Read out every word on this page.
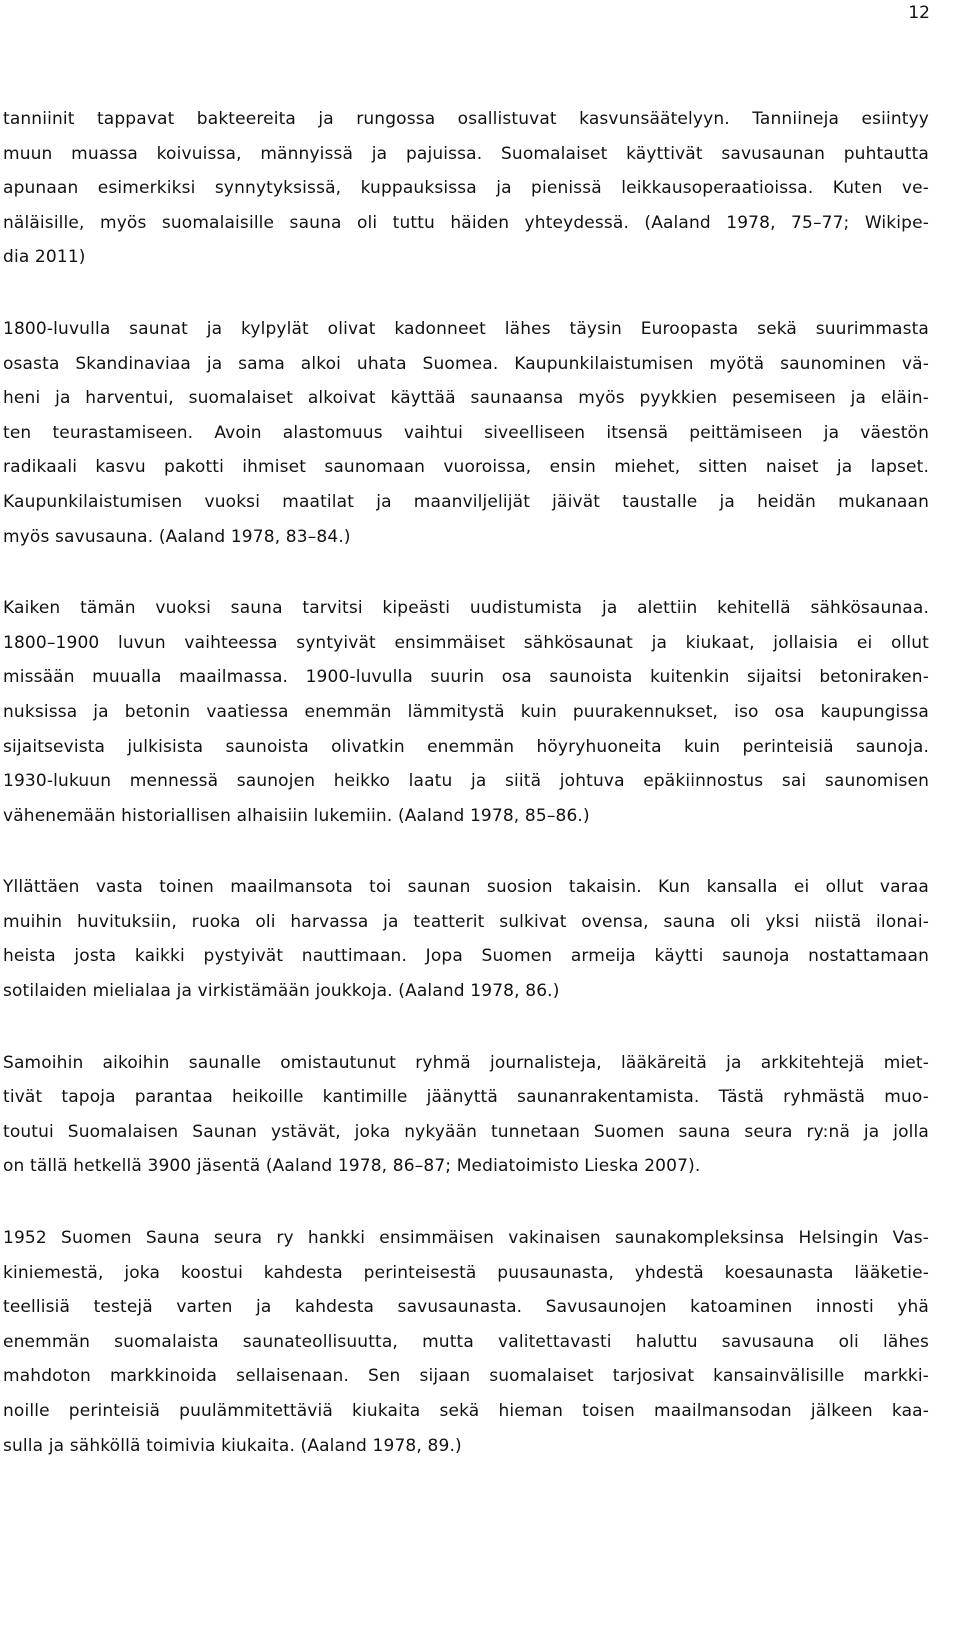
12

tanniinit tappavat bakteereita ja rungossa osallistuvat kasvunsäätelyyn. Tanniineja esiintyy
muun muassa koivuissa, männyissä ja pajuissa. Suomalaiset käyttivät savusaunan puhtautta
apunaan esimerkiksi synnytyksissä, kuppauksissa ja pienissä leikkausoperaatioissa. Kuten ve-
näläisille, myös suomalaisille sauna oli tuttu häiden yhteydessä. (Aaland 1978, 75–77; Wikipe-
dia 2011)

1800-luvulla saunat ja kylpylät olivat kadonneet lähes täysin Euroopasta sekä suurimmasta
osasta Skandinaviaa ja sama alkoi uhata Suomea. Kaupunkilaistumisen myötä saunominen vä-
heni ja harventui, suomalaiset alkoivat käyttää saunaansa myös pyykkien pesemiseen ja eläin-
ten teurastamiseen. Avoin alastomuus vaihtui siveelliseen itsensä peittämiseen ja väestön
radikaali kasvu pakotti ihmiset saunomaan vuoroissa, ensin miehet, sitten naiset ja lapset.
Kaupunkilaistumisen vuoksi maatilat ja maanviljelijät jäivät taustalle ja heidän mukanaan
myös savusauna. (Aaland 1978, 83–84.)

Kaiken tämän vuoksi sauna tarvitsi kipeästi uudistumista ja alettiin kehitellä sähkösaunaa.
1800–1900 luvun vaihteessa syntyivät ensimmäiset sähkösaunat ja kiukaat, jollaisia ei ollut
missään muualla maailmassa. 1900-luvulla suurin osa saunoista kuitenkin sijaitsi betoniraken-
nuksissa ja betonin vaatiessa enemmän lämmitystä kuin puurakennukset, iso osa kaupungissa
sijaitsevista julkisista saunoista olivatkin enemmän höyryhuoneita kuin perinteisiä saunoja.
1930-lukuun mennessä saunojen heikko laatu ja siitä johtuva epäkiinnostus sai saunomisen
vähenemään historiallisen alhaisiin lukemiin. (Aaland 1978, 85–86.)

Yllättäen vasta toinen maailmansota toi saunan suosion takaisin. Kun kansalla ei ollut varaa
muihin huvituksiin, ruoka oli harvassa ja teatterit sulkivat ovensa, sauna oli yksi niistä ilonai-
heista josta kaikki pystyivät nauttimaan. Jopa Suomen armeija käytti saunoja nostattamaan
sotilaiden mielialaa ja virkistämään joukkoja. (Aaland 1978, 86.)

Samoihin aikoihin saunalle omistautunut ryhmä journalisteja, lääkäreitä ja arkkitehtejä miet-
tivät tapoja parantaa heikoille kantimille jäänyttä saunanrakentamista. Tästä ryhmästä muo-
toutui Suomalaisen Saunan ystävät, joka nykyään tunnetaan Suomen sauna seura ry:nä ja jolla
on tällä hetkellä 3900 jäsentä (Aaland 1978, 86–87; Mediatoimisto Lieska 2007).

1952 Suomen Sauna seura ry hankki ensimmäisen vakinaisen saunakompleksinsa Helsingin Vas-
kiniemestä, joka koostui kahdesta perinteisestä puusaunasta, yhdestä koesaunasta lääketie-
teellisiä testejä varten ja kahdesta savusaunasta. Savusaunojen katoaminen innosti yhä
enemmän suomalaista saunateollisuutta, mutta valitettavasti haluttu savusauna oli lähes
mahdoton markkinoida sellaisenaan. Sen sijaan suomalaiset tarjosivat kansainvälisille markki-
noille perinteisiä puulämmitettäviä kiukaita sekä hieman toisen maailmansodan jälkeen kaa-
sulla ja sähköllä toimivia kiukaita. (Aaland 1978, 89.)
